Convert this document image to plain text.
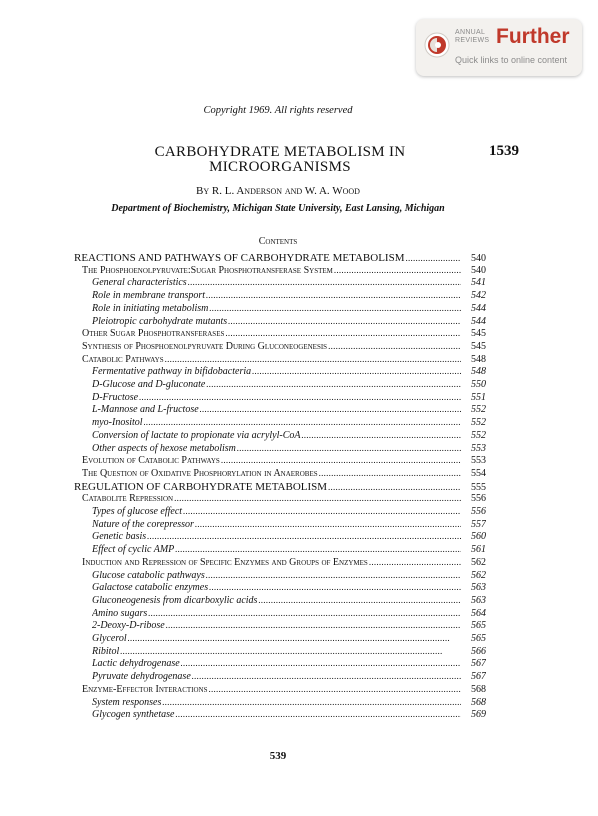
ANNUAL
REVIEWS Further
Quick links to online content
Copyright 1969. All rights reserved
CARBOHYDRATE METABOLISM IN
MICROORGANISMS
1539
By R. L. Anderson and W. A. Wood
Department of Biochemistry, Michigan State University, East Lansing, Michigan
Contents
REACTIONS AND PATHWAYS OF CARBOHYDRATE METABOLISM . . .	540
The Phosphoenolpyruvate:Sugar Phosphotransferase System . . .	540
General characteristics . . .	541
Role in membrane transport . . .	542
Role in initiating metabolism . . .	544
Pleiotropic carbohydrate mutants . . .	544
Other Sugar Phosphotransferases . . .	545
Synthesis of Phosphoenolpyruvate During Gluconeogenesis . . .	545
Catabolic Pathways . . .	548
Fermentative pathway in bifidobacteria . . .	548
D-Glucose and D-gluconate . . .	550
D-Fructose . . .	551
L-Mannose and L-fructose . . .	552
myo-Inositol . . .	552
Conversion of lactate to propionate via acrylyl-CoA . . .	552
Other aspects of hexose metabolism . . .	553
Evolution of Catabolic Pathways . . .	553
The Question of Oxidative Phosphorylation in Anaerobes . . .	554
REGULATION OF CARBOHYDRATE METABOLISM . . .	555
Catabolite Repression . . .	556
Types of glucose effect . . .	556
Nature of the corepressor . . .	557
Genetic basis . . .	560
Effect of cyclic AMP . . .	561
Induction and Repression of Specific Enzymes and Groups of Enzymes . . .	562
Glucose catabolic pathways . . .	562
Galactose catabolic enzymes . . .	563
Gluconeogenesis from dicarboxylic acids . . .	563
Amino sugars . . .	564
2-Deoxy-D-ribose . . .	565
Glycerol . . .	565
Ribitol . . .	566
Lactic dehydrogenase . . .	567
Pyruvate dehydrogenase . . .	567
Enzyme-Effector Interactions . . .	568
System responses . . .	568
Glycogen synthetase . . .	569
539
